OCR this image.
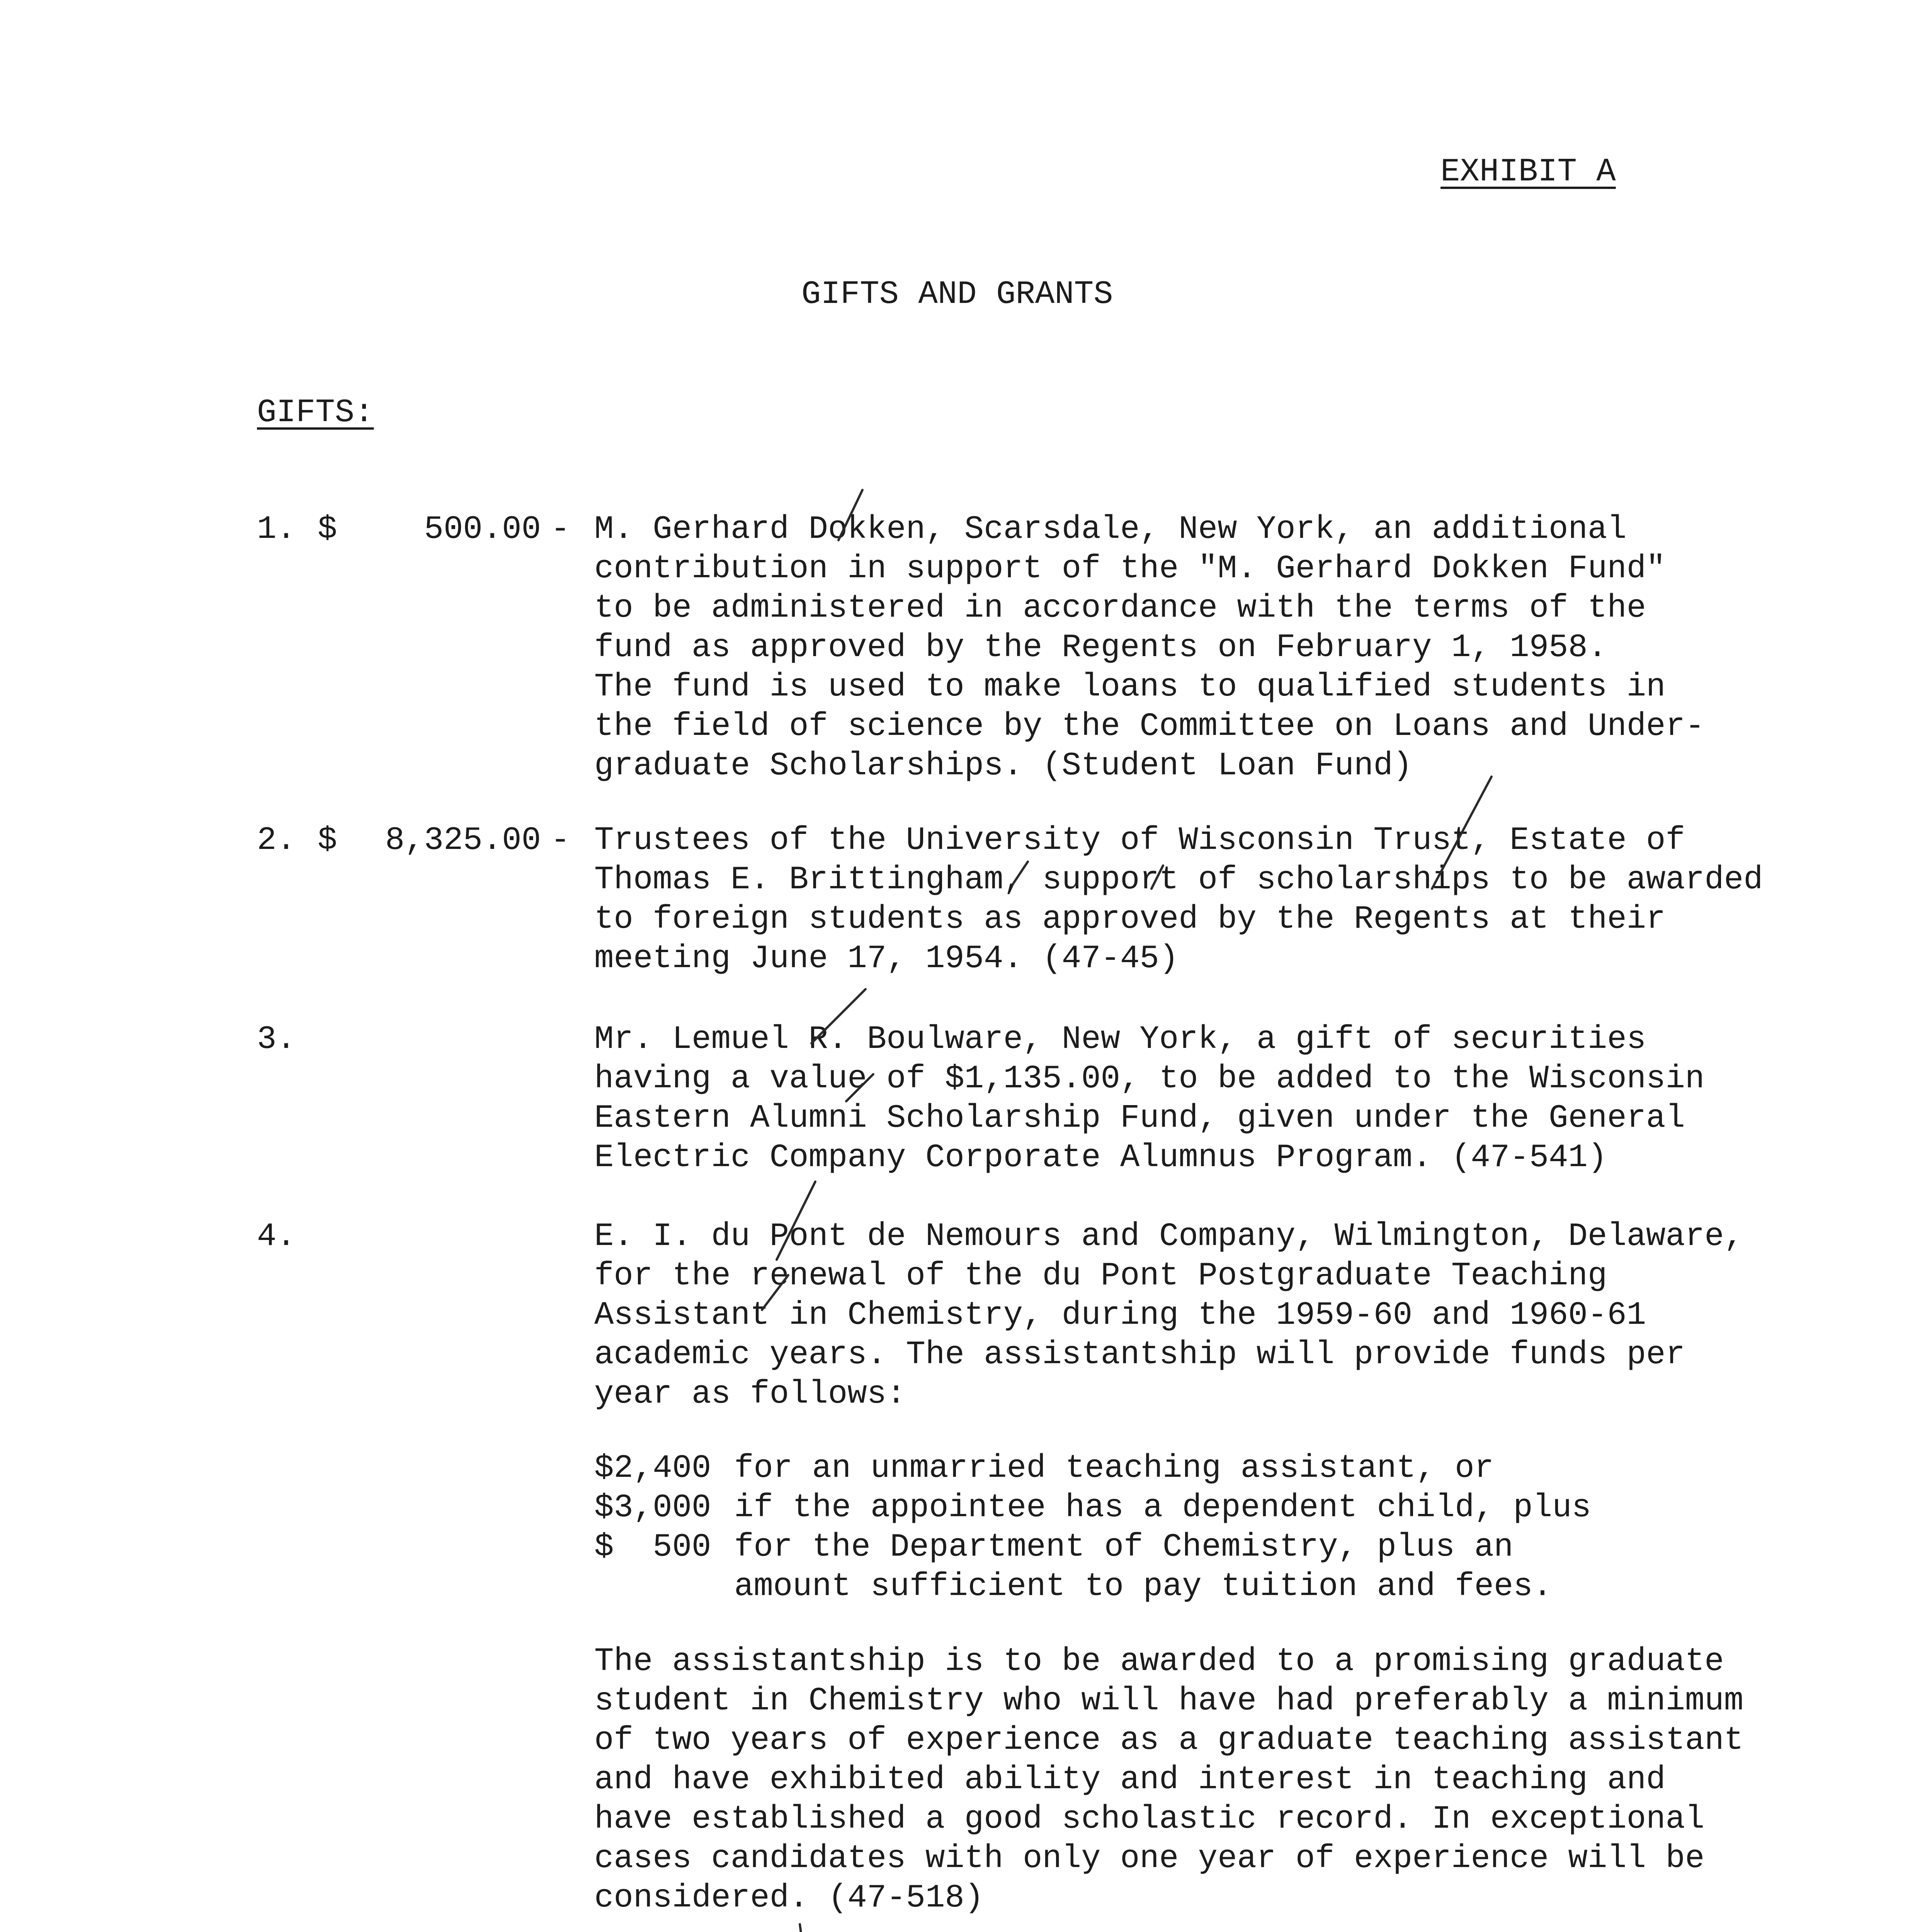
EXHIBIT A
GIFTS AND GRANTS
GIFTS:
1. $	500.00 - M. Gerhard Dokken, Scarsdale, New York, an additional
contribution in support of the "M. Gerhard Dokken Fund"
to be administered in accordance with the terms of the
fund as approved by the Regents on February 1, 1958.
The fund is used to make loans to qualified students in
the field of science by the Committee on Loans and Under-
graduate Scholarships. (Student Loan Fund)
2. $	8,325.00 - Trustees of the University of Wisconsin Trust, Estate of
Thomas E. Brittingham, support of scholarships to be awarded
to foreign students as approved by the Regents at their
meeting June 17, 1954. (47-45)
3.	Mr. Lemuel R. Boulware, New York, a gift of securities
having a value of $1,135.00, to be added to the Wisconsin
Eastern Alumni Scholarship Fund, given under the General
Electric Company Corporate Alumnus Program. (47-541)
4.	E. I. du Pont de Nemours and Company, Wilmington, Delaware,
for the renewal of the du Pont Postgraduate Teaching
Assistant in Chemistry, during the 1959-60 and 1960-61
academic years. The assistantship will provide funds per
year as follows:
$2,400 for an unmarried teaching assistant, or
$3,000 if the appointee has a dependent child, plus
$  500 for the Department of Chemistry, plus an
amount sufficient to pay tuition and fees.
The assistantship is to be awarded to a promising graduate
student in Chemistry who will have had preferably a minimum
of two years of experience as a graduate teaching assistant
and have exhibited ability and interest in teaching and
have established a good scholastic record. In exceptional
cases candidates with only one year of experience will be
considered. (47-518)
